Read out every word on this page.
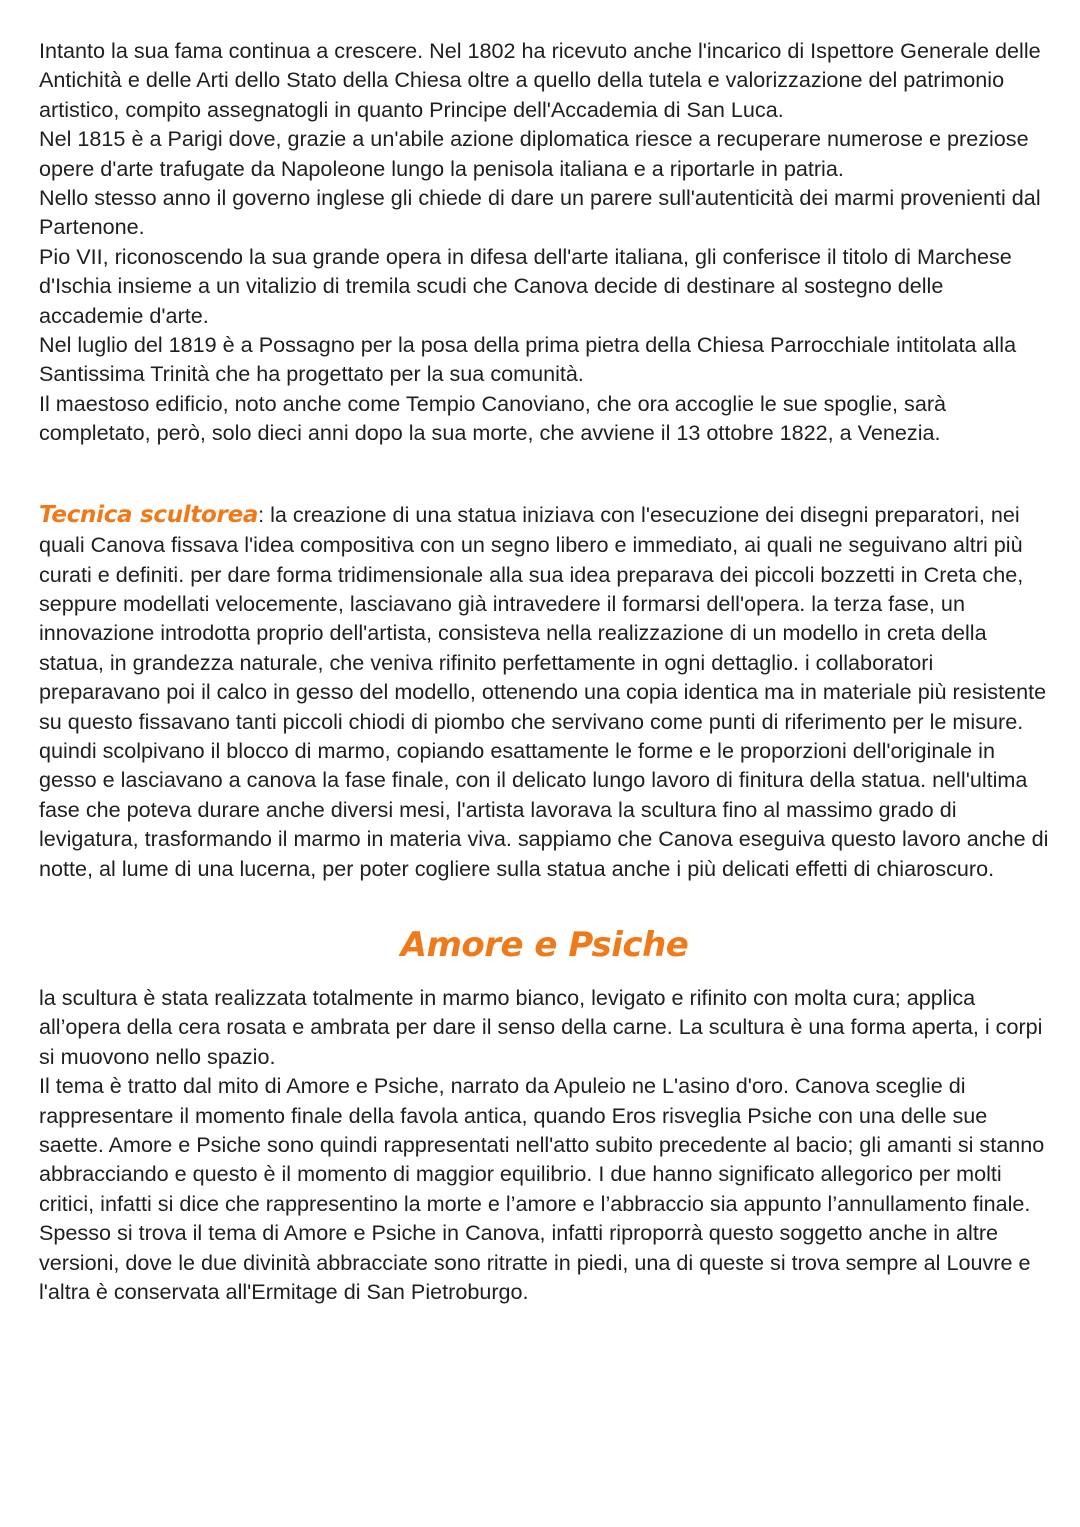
Intanto la sua fama continua a crescere. Nel 1802 ha ricevuto anche l'incarico di Ispettore Generale delle Antichità e delle Arti dello Stato della Chiesa oltre a quello della tutela e valorizzazione del patrimonio artistico, compito assegnatogli in quanto Principe dell'Accademia di San Luca.

Nel 1815 è a Parigi dove, grazie a un'abile azione diplomatica riesce a recuperare numerose e preziose opere d'arte trafugate da Napoleone lungo la penisola italiana e a riportarle in patria.

Nello stesso anno il governo inglese gli chiede di dare un parere sull'autenticità dei marmi provenienti dal Partenone.

Pio VII, riconoscendo la sua grande opera in difesa dell'arte italiana, gli conferisce il titolo di Marchese d'Ischia insieme a un vitalizio di tremila scudi che Canova decide di destinare al sostegno delle accademie d'arte.

Nel luglio del 1819 è a Possagno per la posa della prima pietra della Chiesa Parrocchiale intitolata alla Santissima Trinità che ha progettato per la sua comunità.

Il maestoso edificio, noto anche come Tempio Canoviano, che ora accoglie le sue spoglie, sarà completato, però, solo dieci anni dopo la sua morte, che avviene il 13 ottobre 1822, a Venezia.

Tecnica scultorea: la creazione di una statua iniziava con l'esecuzione dei disegni preparatori, nei quali Canova fissava l'idea compositiva con un segno libero e immediato, ai quali ne seguivano altri più curati e definiti. per dare forma tridimensionale alla sua idea preparava dei piccoli bozzetti in Creta che, seppure modellati velocemente, lasciavano già intravedere il formarsi dell'opera. la terza fase, un innovazione introdotta proprio dell'artista, consisteva nella realizzazione di un modello in creta della statua, in grandezza naturale, che veniva rifinito perfettamente in ogni dettaglio. i collaboratori preparavano poi il calco in gesso del modello, ottenendo una copia identica ma in materiale più resistente su questo fissavano tanti piccoli chiodi di piombo che servivano come punti di riferimento per le misure. quindi scolpivano il blocco di marmo, copiando esattamente le forme e le proporzioni dell'originale in gesso e lasciavano a canova la fase finale, con il delicato lungo lavoro di finitura della statua. nell'ultima fase che poteva durare anche diversi mesi, l'artista lavorava la scultura fino al massimo grado di levigatura, trasformando il marmo in materia viva. sappiamo che Canova eseguiva questo lavoro anche di notte, al lume di una lucerna, per poter cogliere sulla statua anche i più delicati effetti di chiaroscuro.

Amore e Psiche

la scultura è stata realizzata totalmente in marmo bianco, levigato e rifinito con molta cura; applica all’opera della cera rosata e ambrata per dare il senso della carne. La scultura è una forma aperta, i corpi si muovono nello spazio.

Il tema è tratto dal mito di Amore e Psiche, narrato da Apuleio ne L'asino d'oro. Canova sceglie di rappresentare il momento finale della favola antica, quando Eros risveglia Psiche con una delle sue saette. Amore e Psiche sono quindi rappresentati nell'atto subito precedente al bacio; gli amanti si stanno abbracciando e questo è il momento di maggior equilibrio. I due hanno significato allegorico per molti critici, infatti si dice che rappresentino la morte e l’amore e l’abbraccio sia appunto l’annullamento finale. Spesso si trova il tema di Amore e Psiche in Canova, infatti riproporrà questo soggetto anche in altre versioni, dove le due divinità abbracciate sono ritratte in piedi, una di queste si trova sempre al Louvre e l'altra è conservata all'Ermitage di San Pietroburgo.
